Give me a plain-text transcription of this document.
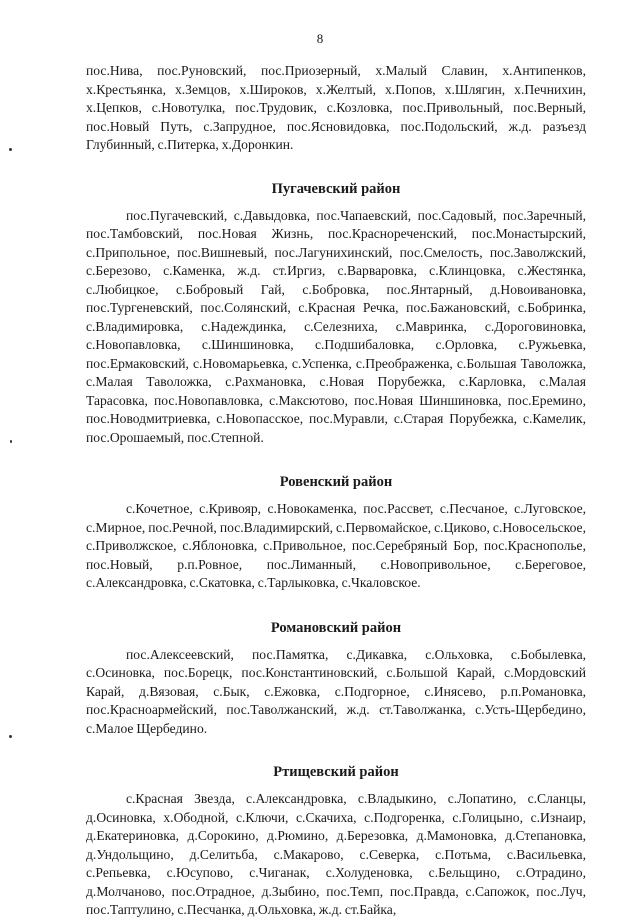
8

пос.Нива, пос.Руновский, пос.Приозерный, х.Малый Славин, х.Антипенков, х.Крестьянка, х.Земцов, х.Широков, х.Желтый, х.Попов, х.Шлягин, х.Печнихин, х.Цепков, с.Новотулка, пос.Трудовик, с.Козловка, пос.Привольный, пос.Верный, пос.Новый Путь, с.Запрудное, пос.Ясновидовка, пос.Подольский, ж.д. разъезд Глубинный, с.Питерка, х.Доронкин.

Пугачевский район

пос.Пугачевский, с.Давыдовка, пос.Чапаевский, пос.Садовый, пос.Заречный, пос.Тамбовский, пос.Новая Жизнь, пос.Краснореченский, пос.Монастырский, с.Припольное, пос.Вишневый, пос.Лагунихинский, пос.Смелость, пос.Заволжский, с.Березово, с.Каменка, ж.д. ст.Иргиз, с.Варваровка, с.Клинцовка, с.Жестянка, с.Любицкое, с.Бобровый Гай, с.Бобровка, пос.Янтарный, д.Новоивановка, пос.Тургеневский, пос.Солянский, с.Красная Речка, пос.Бажановский, с.Бобринка, с.Владимировка, с.Надеждинка, с.Селезниха, с.Мавринка, с.Дороговиновка, с.Новопавловка, с.Шиншиновка, с.Подшибаловка, с.Орловка, с.Ружьевка, пос.Ермаковский, с.Новомарьевка, с.Успенка, с.Преображенка, с.Большая Таволожка, с.Малая Таволожка, с.Рахмановка, с.Новая Порубежка, с.Карловка, с.Малая Тарасовка, пос.Новопавловка, с.Максютово, пос.Новая Шиншиновка, пос.Еремино, пос.Новодмитриевка, с.Новопасское, пос.Муравли, с.Старая Порубежка, с.Камелик, пос.Орошаемый, пос.Степной.

Ровенский район

с.Кочетное, с.Кривояр, с.Новокаменка, пос.Рассвет, с.Песчаное, с.Луговское, с.Мирное, пос.Речной, пос.Владимирский, с.Первомайское, с.Циково, с.Новосельское, с.Приволжское, с.Яблоновка, с.Привольное, пос.Серебряный Бор, пос.Краснополье, пос.Новый, р.п.Ровное, пос.Лиманный, с.Новопривольное, с.Береговое, с.Александровка, с.Скатовка, с.Тарлыковка, с.Чкаловское.

Романовский район

пос.Алексеевский, пос.Памятка, с.Дикавка, с.Ольховка, с.Бобылевка, с.Осиновка, пос.Борецк, пос.Константиновский, с.Большой Карай, с.Мордовский Карай, д.Вязовая, с.Бык, с.Ежовка, с.Подгорное, с.Инясево, р.п.Романовка, пос.Красноармейский, пос.Таволжанский, ж.д. ст.Таволжанка, с.Усть-Щербедино, с.Малое Щербедино.

Ртищевский район

с.Красная Звезда, с.Александровка, с.Владыкино, с.Лопатино, с.Сланцы, д.Осиновка, х.Ободной, с.Ключи, с.Скачиха, с.Подгоренка, с.Голицыно, с.Изнаир, д.Екатериновка, д.Сорокино, д.Рюмино, д.Березовка, д.Мамоновка, д.Степановка, д.Ундольщино, д.Селитьба, с.Макарово, с.Северка, с.Потьма, с.Васильевка, с.Репьевка, с.Юсупово, с.Чиганак, с.Холуденовка, с.Бельщино, с.Отрадино, д.Молчаново, пос.Отрадное, д.Зыбино, пос.Темп, пос.Правда, с.Сапожок, пос.Луч, пос.Таптулино, с.Песчанка, д.Ольховка, ж.д. ст.Байка,
